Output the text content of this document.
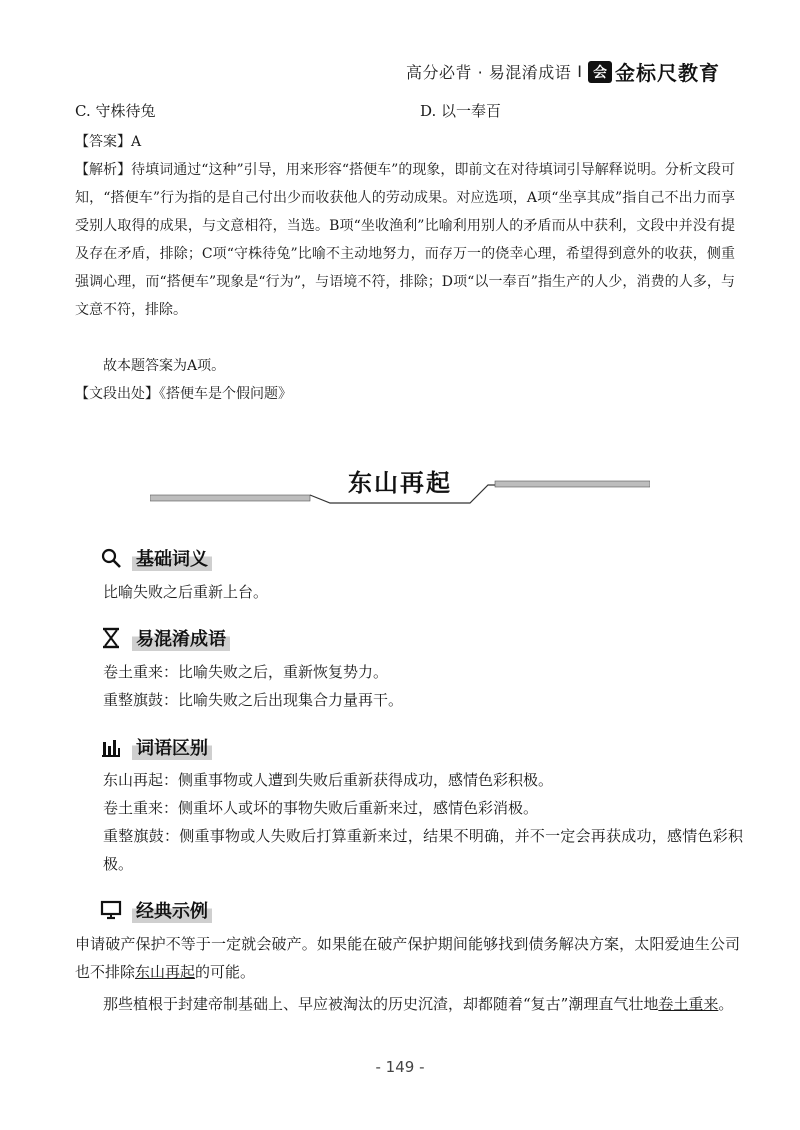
高分必背 · 易混淆成语 I 会 金标尺教育
C. 守株待兔	D. 以一奉百
【答案】A
【解析】待填词通过“这种”引导，用来形容“搭便车”的现象，即前文在对待填词引导解释说明。分析文段可知，“搭便车”行为指的是自己付出少而收获他人的劳动成果。对应选项，A项“坐享其成”指自己不出力而享受别人取得的成果，与文意相符，当选。B项“坐收渔利”比喻利用别人的矛盾而从中获利，文段中并没有提及存在矛盾，排除；C项“守株待兔”比喻不主动地努力，而存万一的侥幸心理，希望得到意外的收获，侧重强调心理，而“搭便车”现象是“行为”，与语境不符，排除；D项“以一奉百”指生产的人少，消费的人多，与文意不符，排除。
故本题答案为A项。
【文段出处】《搭便车是个假问题》
东山再起
基础词义
比喻失败之后重新上台。
易混淆成语
卷土重来：比喻失败之后，重新恢复势力。
重整旗鼓：比喻失败之后出现集合力量再干。
词语区别
东山再起：侧重事物或人遭到失败后重新获得成功，感情色彩积极。
卷土重来：侧重坏人或坏的事物失败后重新来过，感情色彩消极。
重整旗鼓：侧重事物或人失败后打算重新来过，结果不明确，并不一定会再获成功，感情色彩积极。
经典示例
申请破产保护不等于一定就会破产。如果能在破产保护期间能够找到债务解决方案，太阳爱迪生公司也不排除东山再起的可能。
那些植根于封建帝制基础上、早应被淘汰的历史沉渣，却都随着“复古”潮理直气壮地卷土重来。
- 149 -
